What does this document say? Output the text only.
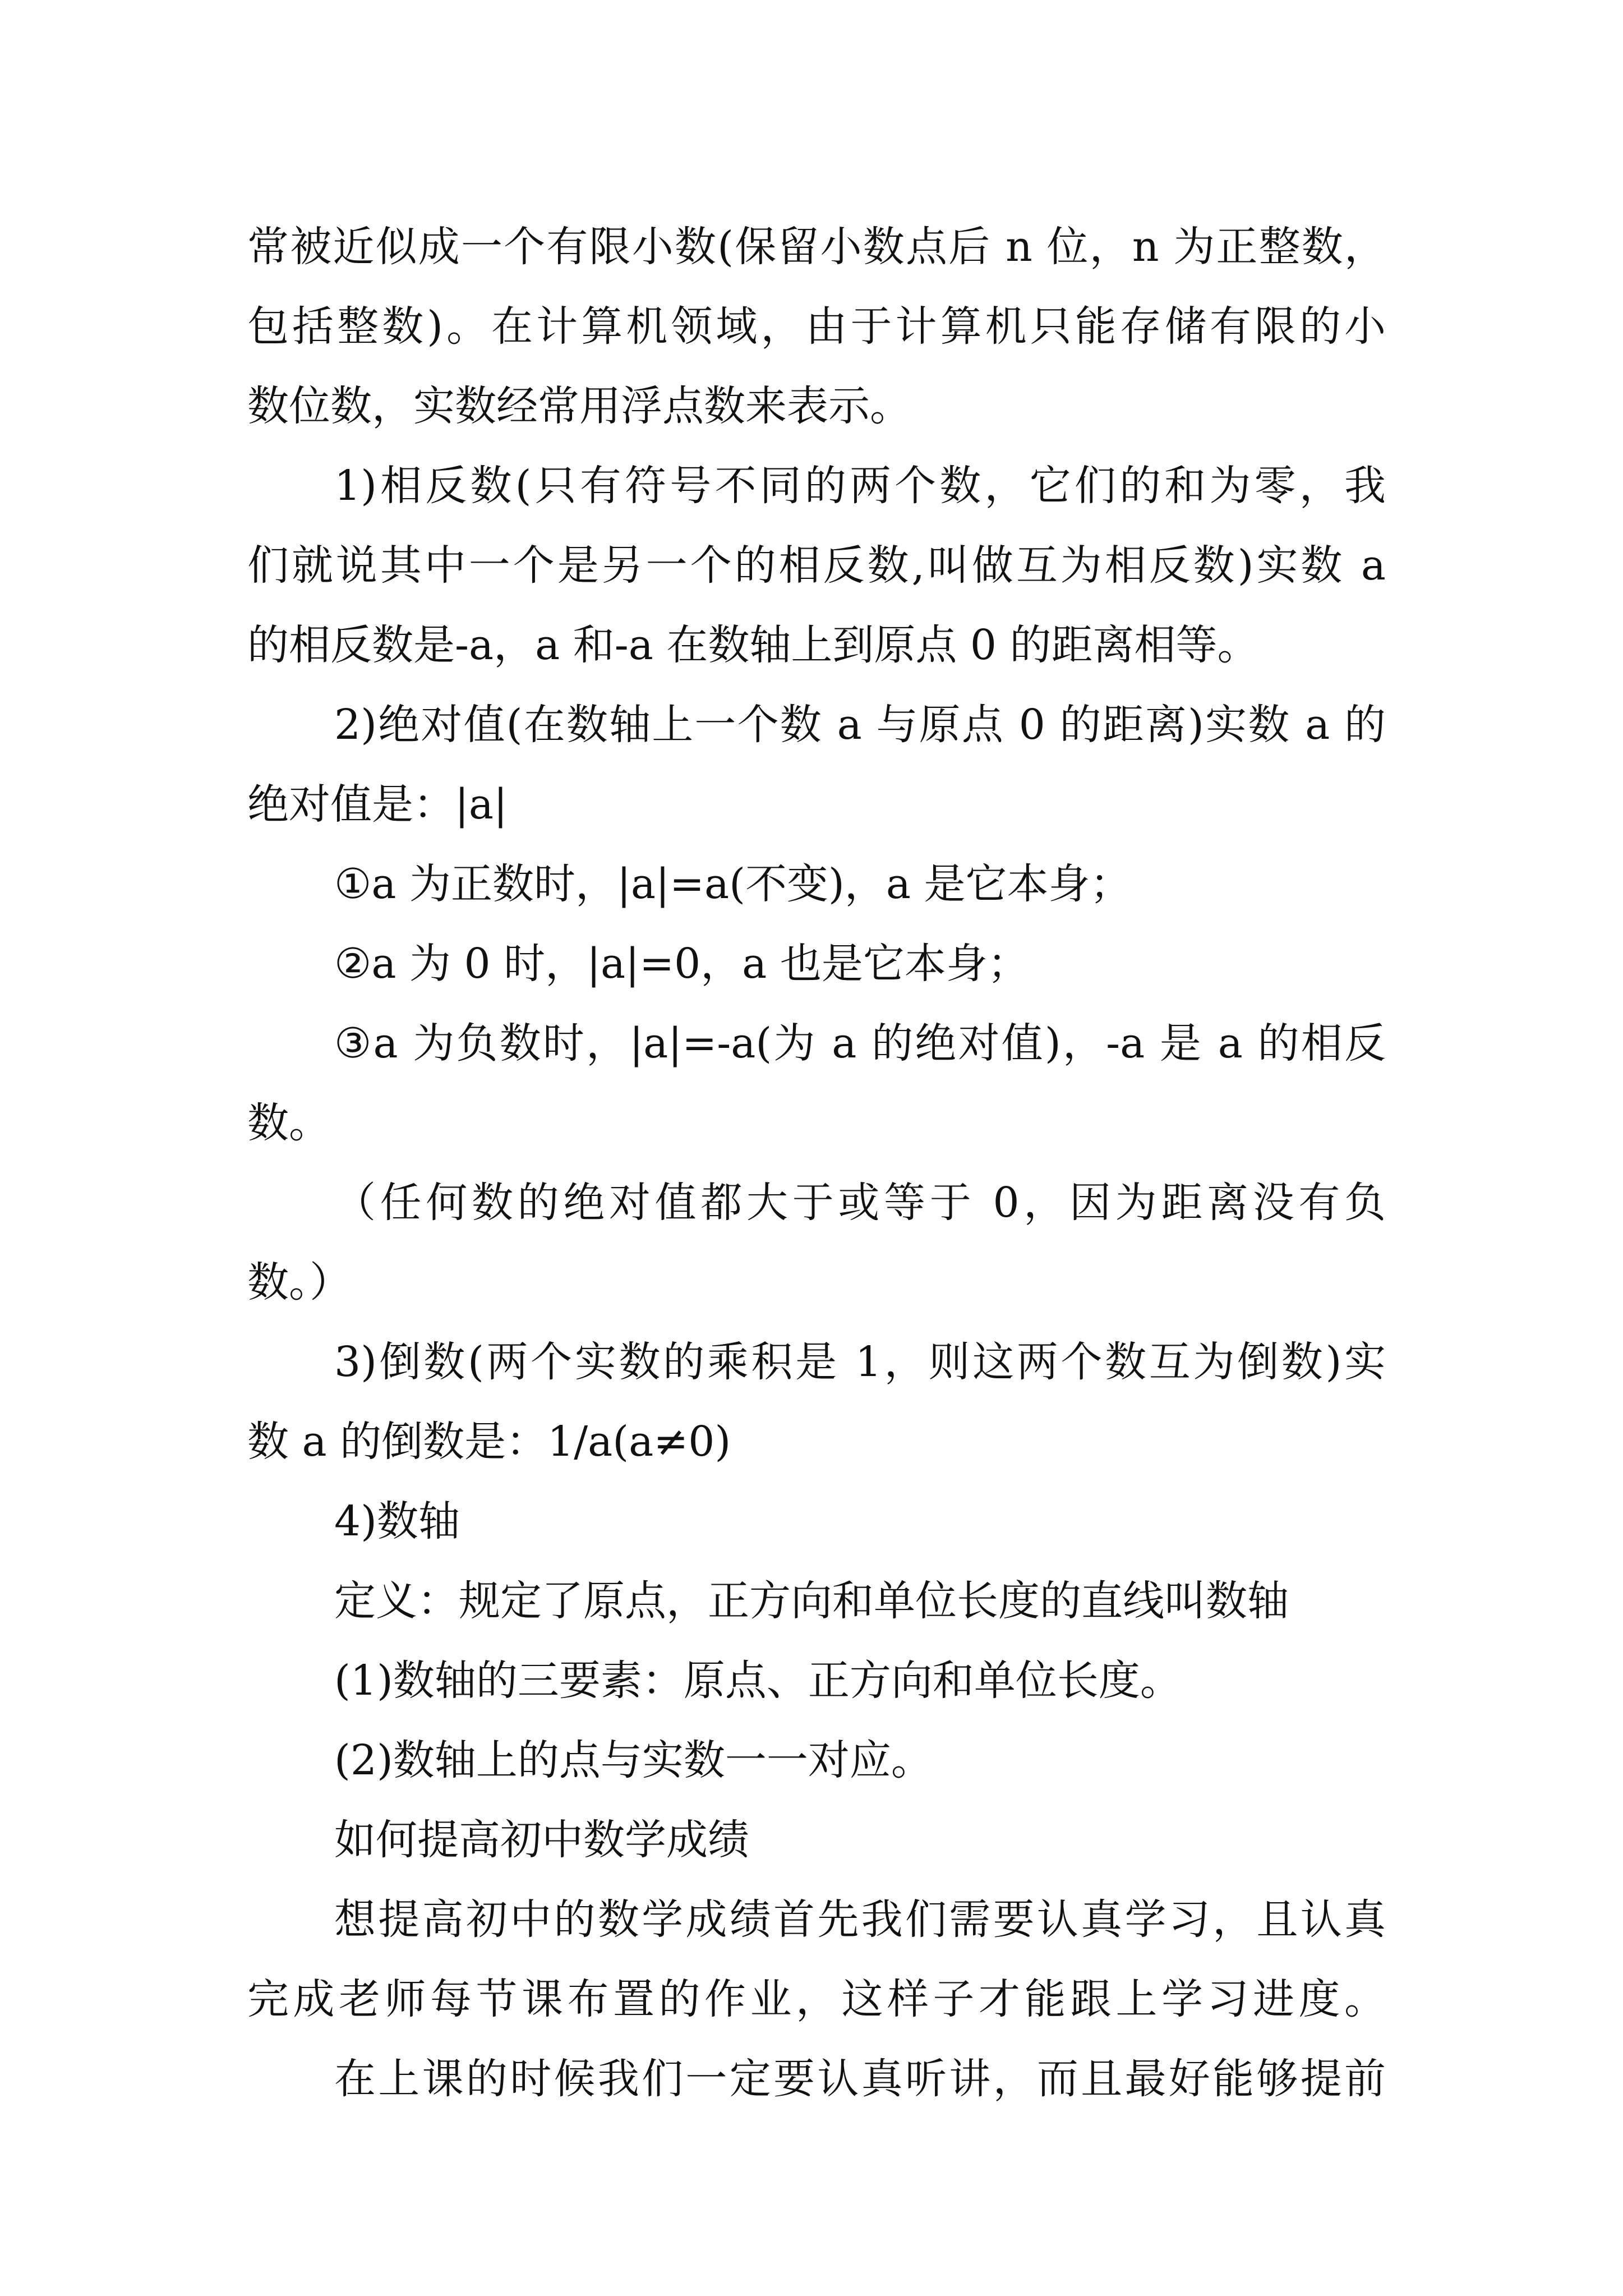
常被近似成一个有限小数(保留小数点后 n 位，n 为正整数，
包括整数)。在计算机领域，由于计算机只能存储有限的小
数位数，实数经常用浮点数来表示。
1)相反数(只有符号不同的两个数，它们的和为零，我
们就说其中一个是另一个的相反数,叫做互为相反数)实数 a
的相反数是-a，a 和-a 在数轴上到原点 0 的距离相等。
2)绝对值(在数轴上一个数 a 与原点 0 的距离)实数 a 的
绝对值是：|a|
①a 为正数时，|a|=a(不变)，a 是它本身；
②a 为 0 时，|a|=0，a 也是它本身；
③a 为负数时，|a|=-a(为 a 的绝对值)，-a 是 a 的相反
数。
（任何数的绝对值都大于或等于 0，因为距离没有负
数。）
3)倒数(两个实数的乘积是 1，则这两个数互为倒数)实
数 a 的倒数是：1/a(a≠0)
4)数轴
定义：规定了原点，正方向和单位长度的直线叫数轴
(1)数轴的三要素：原点、正方向和单位长度。
(2)数轴上的点与实数一一对应。
如何提高初中数学成绩
想提高初中的数学成绩首先我们需要认真学习，且认真
完成老师每节课布置的作业，这样子才能跟上学习进度。
在上课的时候我们一定要认真听讲，而且最好能够提前
